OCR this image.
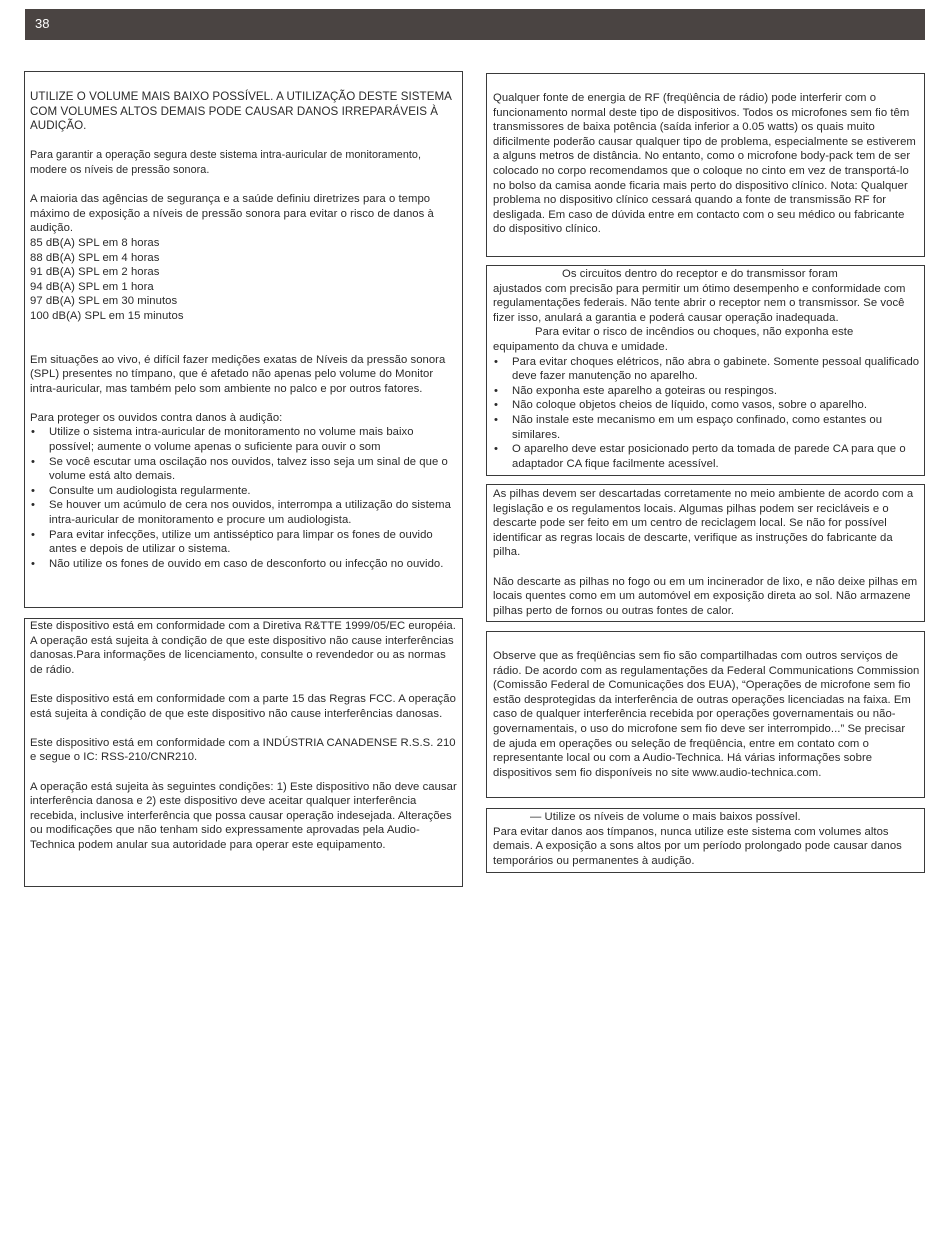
38

UTILIZE O VOLUME MAIS BAIXO POSSÍVEL. A UTILIZAÇÃO DESTE SISTEMA COM VOLUMES ALTOS DEMAIS PODE CAUSAR DANOS IRREPARÁVEIS À AUDIÇÃO.

Para garantir a operação segura deste sistema intra-auricular de monitoramento, modere os níveis de pressão sonora.

A maioria das agências de segurança e a saúde definiu diretrizes para o tempo máximo de exposição a níveis de pressão sonora para evitar o risco de danos à audição.

85 dB(A) SPL em 8 horas

88 dB(A) SPL em 4 horas

91 dB(A) SPL em 2 horas

94 dB(A) SPL em 1 hora

97 dB(A) SPL em 30 minutos

100 dB(A) SPL em 15 minutos

Em situações ao vivo, é difícil fazer medições exatas de Níveis da pressão sonora (SPL) presentes no tímpano, que é afetado não apenas pelo volume do Monitor intra-auricular, mas também pelo som ambiente no palco e por outros fatores.

Para proteger os ouvidos contra danos à audição:

• Utilize o sistema intra-auricular de monitoramento no volume mais baixo possível; aumente o volume apenas o suficiente para ouvir o som
• Se você escutar uma oscilação nos ouvidos, talvez isso seja um sinal de que o volume está alto demais.
• Consulte um audiologista regularmente.
• Se houver um acúmulo de cera nos ouvidos, interrompa a utilização do sistema intra-auricular de monitoramento e procure um audiologista.
• Para evitar infecções, utilize um antisséptico para limpar os fones de ouvido antes e depois de utilizar o sistema.
• Não utilize os fones de ouvido em caso de desconforto ou infecção no ouvido.

Este dispositivo está em conformidade com a Diretiva R&TTE 1999/05/EC européia. A operação está sujeita à condição de que este dispositivo não cause interferências danosas.Para informações de licenciamento, consulte o revendedor ou as normas de rádio.

Este dispositivo está em conformidade com a parte 15 das Regras FCC. A operação está sujeita à condição de que este dispositivo não cause interferências danosas.

Este dispositivo está em conformidade com a INDÚSTRIA CANADENSE R.S.S. 210 e segue o IC: RSS-210/CNR210.

A operação está sujeita às seguintes condições: 1) Este dispositivo não deve causar interferência danosa e 2) este dispositivo deve aceitar qualquer interferência recebida, inclusive interferência que possa causar operação indesejada. Alterações ou modificações que não tenham sido expressamente aprovadas pela Audio-Technica podem anular sua autoridade para operar este equipamento.

Qualquer fonte de energia de RF (freqüência de rádio) pode interferir com o funcionamento normal deste tipo de dispositivos. Todos os microfones sem fio têm transmissores de baixa potência (saída inferior a 0.05 watts) os quais muito dificilmente poderão causar qualquer tipo de problema, especialmente se estiverem a alguns metros de distância. No entanto, como o microfone body-pack tem de ser colocado no corpo recomendamos que o coloque no cinto em vez de transportá-lo no bolso da camisa aonde ficaria mais perto do dispositivo clínico. Nota: Qualquer problema no dispositivo clínico cessará quando a fonte de transmissão RF for desligada. Em caso de dúvida entre em contacto com o seu médico ou fabricante do dispositivo clínico.

Os circuitos dentro do receptor e do transmissor foram

ajustados com precisão para permitir um ótimo desempenho e conformidade com regulamentações federais. Não tente abrir o receptor nem o transmissor. Se você fizer isso, anulará a garantia e poderá causar operação inadequada.

Para evitar o risco de incêndios ou choques, não exponha este

equipamento da chuva e umidade.

• Para evitar choques elétricos, não abra o gabinete. Somente pessoal qualificado deve fazer manutenção no aparelho.
• Não exponha este aparelho a goteiras ou respingos.
• Não coloque objetos cheios de líquido, como vasos, sobre o aparelho.
• Não instale este mecanismo em um espaço confinado, como estantes ou similares.
• O aparelho deve estar posicionado perto da tomada de parede CA para que o adaptador CA fique facilmente acessível.

As pilhas devem ser descartadas corretamente no meio ambiente de acordo com a legislação e os regulamentos locais. Algumas pilhas podem ser recicláveis e o descarte pode ser feito em um centro de reciclagem local. Se não for possível identificar as regras locais de descarte, verifique as instruções do fabricante da pilha.

Não descarte as pilhas no fogo ou em um incinerador de lixo, e não deixe pilhas em locais quentes como em um automóvel em exposição direta ao sol. Não armazene pilhas perto de fornos ou outras fontes de calor.

Observe que as freqüências sem fio são compartilhadas com outros serviços de rádio. De acordo com as regulamentações da Federal Communications Commission (Comissão Federal de Comunicações dos EUA), “Operações de microfone sem fio estão desprotegidas da interferência de outras operações licenciadas na faixa. Em caso de qualquer interferência recebida por operações governamentais ou não-governamentais, o uso do microfone sem fio deve ser interrompido...” Se precisar de ajuda em operações ou seleção de freqüência, entre em contato com o representante local ou com a Audio-Technica. Há várias informações sobre dispositivos sem fio disponíveis no site www.audio-technica.com.

— Utilize os níveis de volume o mais baixos possível.

Para evitar danos aos tímpanos, nunca utilize este sistema com volumes altos demais. A exposição a sons altos por um período prolongado pode causar danos temporários ou permanentes à audição.
